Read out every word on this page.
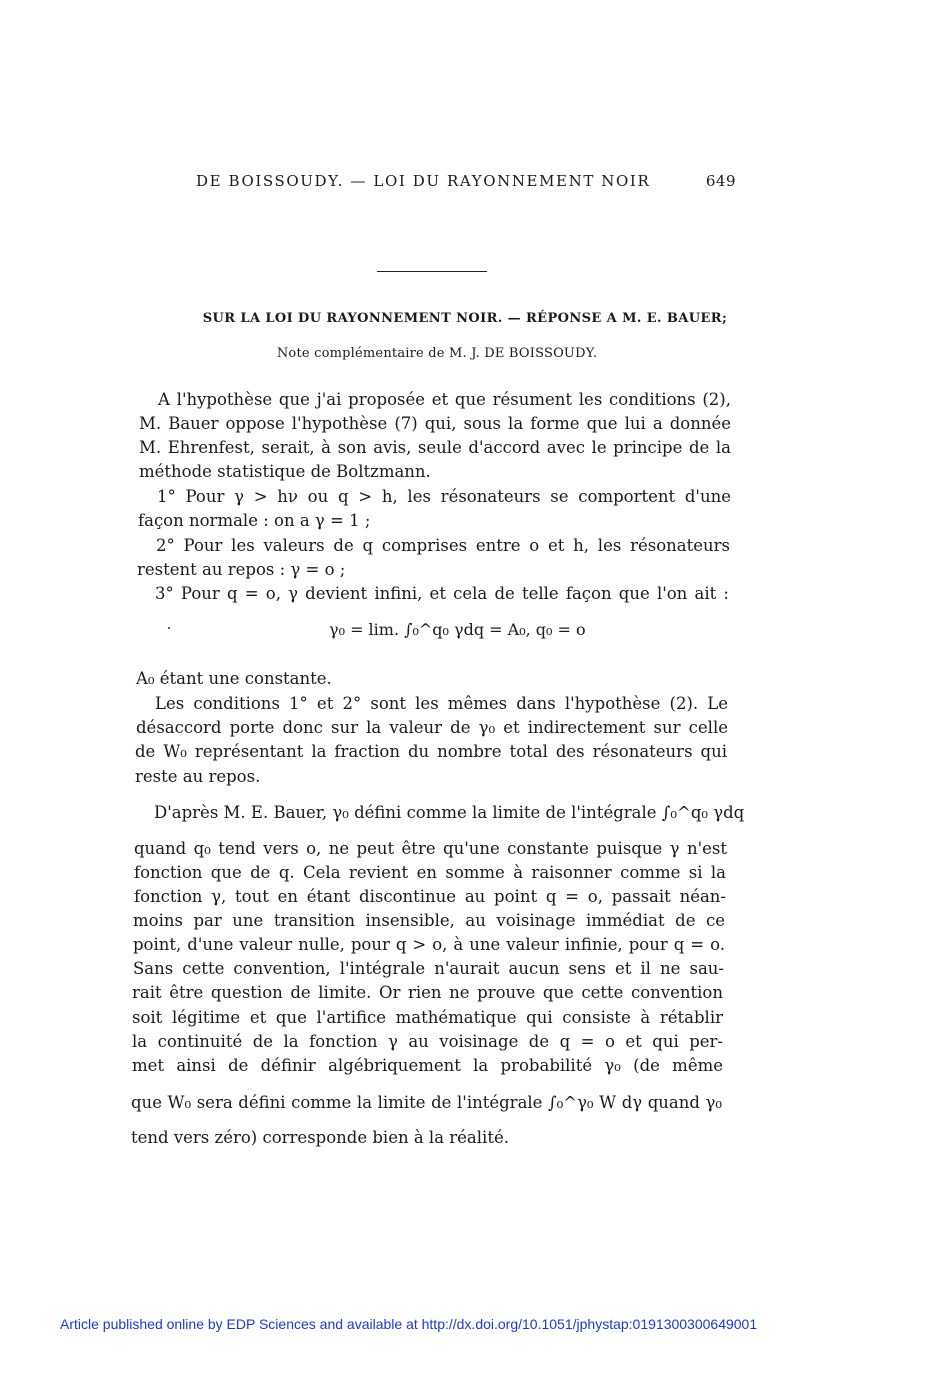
DE BOISSOUDY. — LOI DU RAYONNEMENT NOIR	649
SUR LA LOI DU RAYONNEMENT NOIR. — RÉPONSE A M. E. BAUER;
Note complémentaire de M. J. DE BOISSOUDY.
A l'hypothèse que j'ai proposée et que résument les conditions (2),
M. Bauer oppose l'hypothèse (7) qui, sous la forme que lui a donnée
M. Ehrenfest, serait, à son avis, seule d'accord avec le principe de la
méthode statistique de Boltzmann.
1° Pour γ > hν ou q > h, les résonateurs se comportent d'une
façon normale : on a γ = 1 ;
2° Pour les valeurs de q comprises entre o et h, les résonateurs
restent au repos : γ = o ;
3° Pour q = o, γ devient infini, et cela de telle façon que l'on ait :
γ₀ = lim. ∫₀^q₀ γdq = A₀, q₀ = o
A₀ étant une constante.
Les conditions 1° et 2° sont les mêmes dans l'hypothèse (2). Le
désaccord porte donc sur la valeur de γ₀ et indirectement sur celle
de W₀ représentant la fraction du nombre total des résonateurs qui
reste au repos.
D'après M. E. Bauer, γ₀ défini comme la limite de l'intégrale ∫₀^q₀ γdq
quand q₀ tend vers o, ne peut être qu'une constante puisque γ n'est
fonction que de q. Cela revient en somme à raisonner comme si la
fonction γ, tout en étant discontinue au point q = o, passait néan-
moins par une transition insensible, au voisinage immédiat de ce
point, d'une valeur nulle, pour q > o, à une valeur infinie, pour q = o.
Sans cette convention, l'intégrale n'aurait aucun sens et il ne sau-
rait être question de limite. Or rien ne prouve que cette convention
soit légitime et que l'artifice mathématique qui consiste à rétablir
la continuité de la fonction γ au voisinage de q = o et qui per-
met ainsi de définir algébriquement la probabilité γ₀ (de même
que W₀ sera défini comme la limite de l'intégrale ∫₀^γ₀ W dγ quand γ₀
tend vers zéro) corresponde bien à la réalité.
Article published online by EDP Sciences and available at http://dx.doi.org/10.1051/jphystap:0191300300649001
